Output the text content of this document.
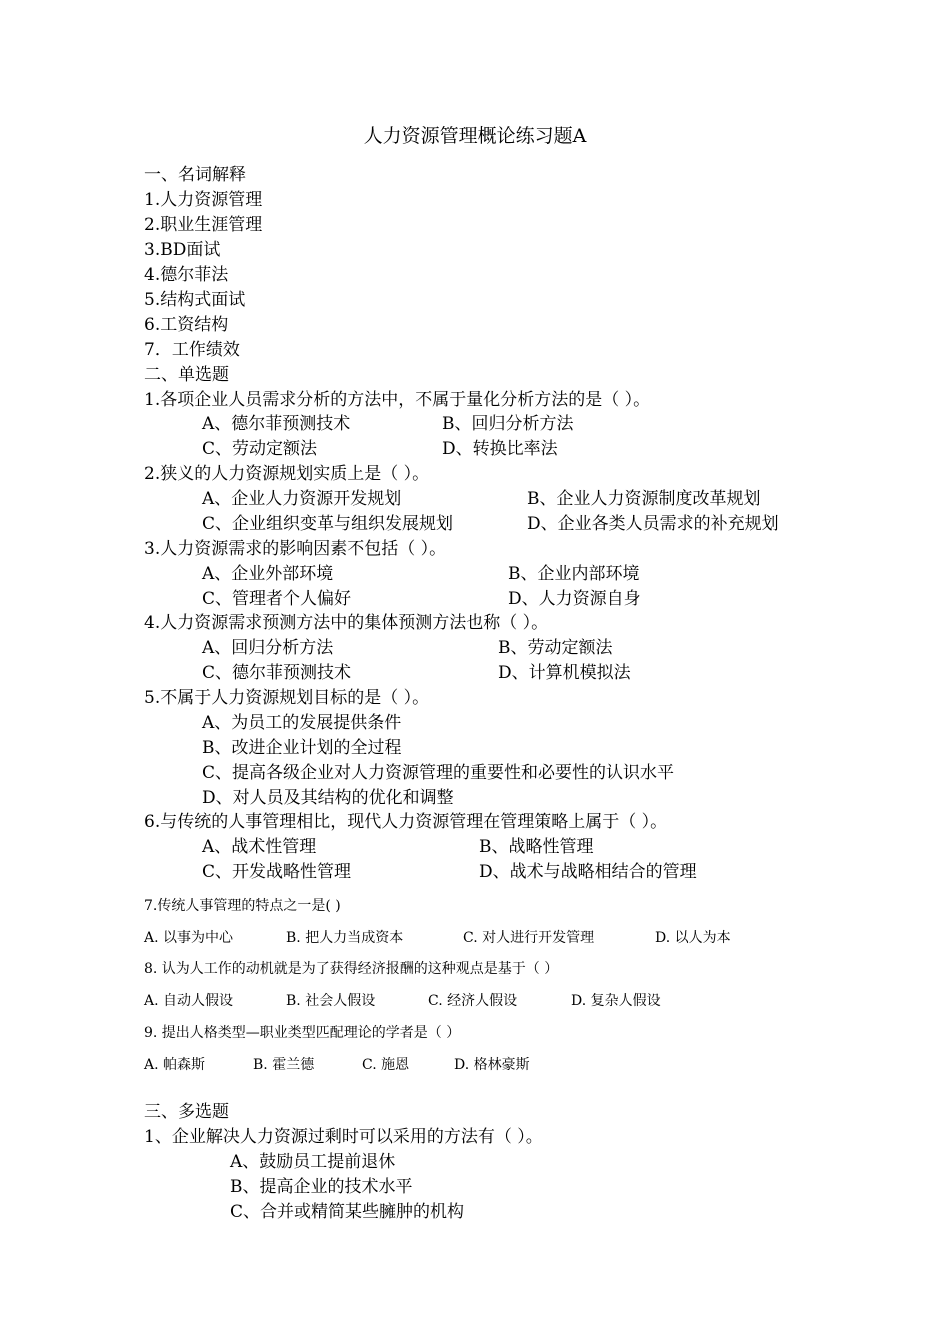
人力资源管理概论练习题A
一、名词解释
1.人力资源管理
2.职业生涯管理
3.BD面试
4.德尔菲法
5.结构式面试
6.工资结构
7．工作绩效
二、单选题
1.各项企业人员需求分析的方法中，不属于量化分析方法的是（ ）。
A、德尔菲预测技术	B、回归分析方法
C、劳动定额法	D、转换比率法
2.狭义的人力资源规划实质上是（ ）。
A、企业人力资源开发规划	B、企业人力资源制度改革规划
C、企业组织变革与组织发展规划	D、企业各类人员需求的补充规划
3.人力资源需求的影响因素不包括（ ）。
A、企业外部环境	B、企业内部环境
C、管理者个人偏好	D、人力资源自身
4.人力资源需求预测方法中的集体预测方法也称（ ）。
A、回归分析方法	B、劳动定额法
C、德尔菲预测技术	D、计算机模拟法
5.不属于人力资源规划目标的是（ ）。
A、为员工的发展提供条件
B、改进企业计划的全过程
C、提高各级企业对人力资源管理的重要性和必要性的认识水平
D、对人员及其结构的优化和调整
6.与传统的人事管理相比，现代人力资源管理在管理策略上属于（ ）。
A、战术性管理	B、战略性管理
C、开发战略性管理	D、战术与战略相结合的管理
7.传统人事管理的特点之一是( )
A. 以事为中心	B. 把人力当成资本	C. 对人进行开发管理	D. 以人为本
8. 认为人工作的动机就是为了获得经济报酬的这种观点是基于（ ）
A. 自动人假设	B. 社会人假设	C. 经济人假设	D. 复杂人假设
9. 提出人格类型—职业类型匹配理论的学者是（ ）
A. 帕森斯	B. 霍兰德	C. 施恩	D. 格林豪斯
三、多选题
1、企业解决人力资源过剩时可以采用的方法有（ ）。
A、鼓励员工提前退休
B、提高企业的技术水平
C、合并或精简某些臃肿的机构
